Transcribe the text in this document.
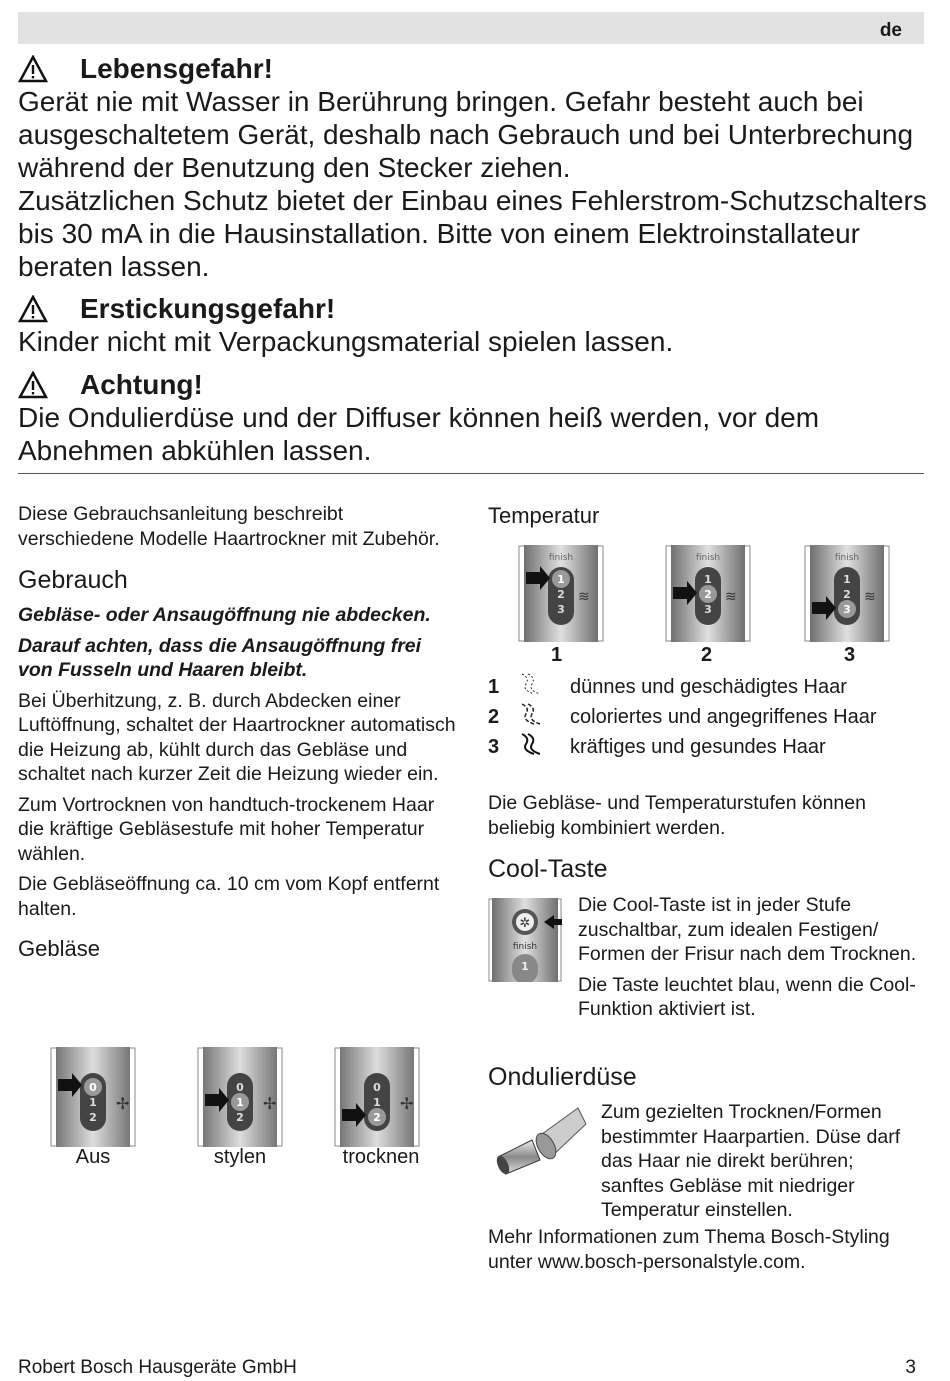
de
Lebensgefahr!
Gerät nie mit Wasser in Berührung bringen. Gefahr besteht auch bei
ausgeschaltetem Gerät, deshalb nach Gebrauch und bei Unterbrechung
während der Benutzung den Stecker ziehen.
Zusätzlichen Schutz bietet der Einbau eines Fehlerstrom-Schutzschalters
bis 30 mA in die Hausinstallation. Bitte von einem Elektroinstallateur
beraten lassen.
Erstickungsgefahr!
Kinder nicht mit Verpackungsmaterial spielen lassen.
Achtung!
Die Ondulierdüse und der Diffuser können heiß werden, vor dem
Abnehmen abkühlen lassen.

Diese Gebrauchsanleitung beschreibt verschiedene Modelle Haartrockner mit Zubehör.

Gebrauch

Gebläse- oder Ansaugöffnung nie abdecken.

Darauf achten, dass die Ansaugöffnung frei von Fusseln und Haaren bleibt.

Bei Überhitzung, z. B. durch Abdecken einer Luftöffnung, schaltet der Haartrockner automatisch die Heizung ab, kühlt durch das Gebläse und schaltet nach kurzer Zeit die Heizung wieder ein.

Zum Vortrocknen von handtuch-trockenem Haar die kräftige Gebläsestufe mit hoher Temperatur wählen.

Die Gebläseöffnung ca. 10 cm vom Kopf entfernt halten.

Gebläse
0
1
2
✢
0
1
2
✢
0
1
2
✢
Aus	stylen	trocknen
Temperatur
finish
1
2
3
≋
finish
1
2
3
≋
finish
1
2
3
≋
1	2	3
1	dünnes und geschädigtes Haar
2	coloriertes und angegriffenes Haar
3	kräftiges und gesundes Haar

Die Gebläse- und Temperaturstufen können beliebig kombiniert werden.

Cool-Taste
✲
finish
1

Die Cool-Taste ist in jeder Stufe zuschaltbar, zum idealen Festigen/ Formen der Frisur nach dem Trocknen.

Die Taste leuchtet blau, wenn die Cool-Funktion aktiviert ist.

Ondulierdüse

Zum gezielten Trocknen/Formen bestimmter Haarpartien. Düse darf das Haar nie direkt berühren; sanftes Gebläse mit niedriger Temperatur einstellen.

Mehr Informationen zum Thema Bosch-Styling unter www.bosch-personalstyle.com.

Robert Bosch Hausgeräte GmbH	3
